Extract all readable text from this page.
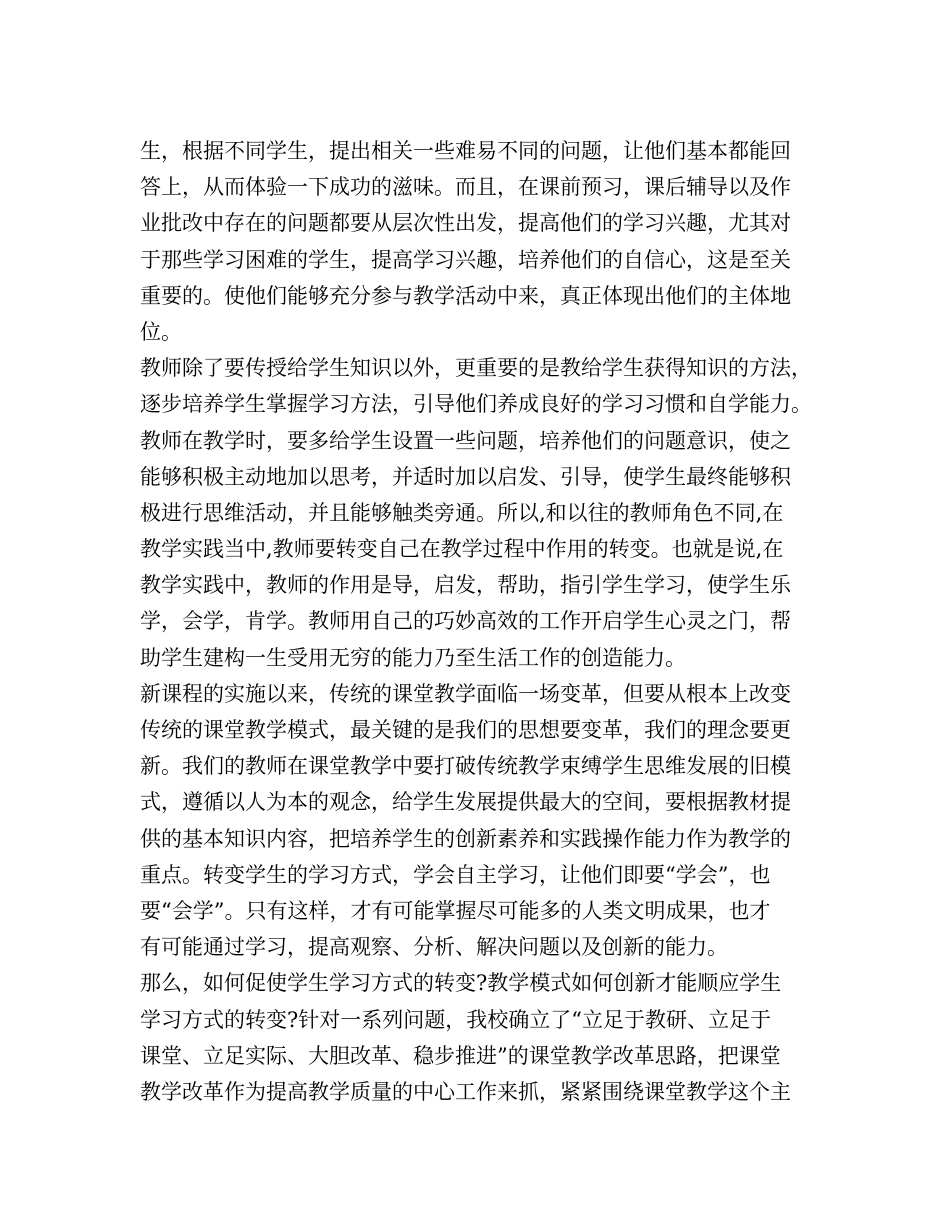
生，根据不同学生，提出相关一些难易不同的问题，让他们基本都能回
答上，从而体验一下成功的滋味。而且，在课前预习，课后辅导以及作
业批改中存在的问题都要从层次性出发，提高他们的学习兴趣，尤其对
于那些学习困难的学生，提高学习兴趣，培养他们的自信心，这是至关
重要的。使他们能够充分参与教学活动中来，真正体现出他们的主体地
位。
教师除了要传授给学生知识以外，更重要的是教给学生获得知识的方法，
逐步培养学生掌握学习方法，引导他们养成良好的学习习惯和自学能力。
教师在教学时，要多给学生设置一些问题，培养他们的问题意识，使之
能够积极主动地加以思考，并适时加以启发、引导，使学生最终能够积
极进行思维活动，并且能够触类旁通。所以,和以往的教师角色不同,在
教学实践当中,教师要转变自己在教学过程中作用的转变。也就是说,在
教学实践中，教师的作用是导，启发，帮助，指引学生学习，使学生乐
学，会学，肯学。教师用自己的巧妙高效的工作开启学生心灵之门，帮
助学生建构一生受用无穷的能力乃至生活工作的创造能力。
新课程的实施以来，传统的课堂教学面临一场变革，但要从根本上改变
传统的课堂教学模式，最关键的是我们的思想要变革，我们的理念要更
新。我们的教师在课堂教学中要打破传统教学束缚学生思维发展的旧模
式，遵循以人为本的观念，给学生发展提供最大的空间，要根据教材提
供的基本知识内容，把培养学生的创新素养和实践操作能力作为教学的
重点。转变学生的学习方式，学会自主学习，让他们即要“学会”，也
要“会学”。只有这样，才有可能掌握尽可能多的人类文明成果，也才
有可能通过学习，提高观察、分析、解决问题以及创新的能力。
那么，如何促使学生学习方式的转变?教学模式如何创新才能顺应学生
学习方式的转变?针对一系列问题，我校确立了“立足于教研、立足于
课堂、立足实际、大胆改革、稳步推进”的课堂教学改革思路，把课堂
教学改革作为提高教学质量的中心工作来抓，紧紧围绕课堂教学这个主
